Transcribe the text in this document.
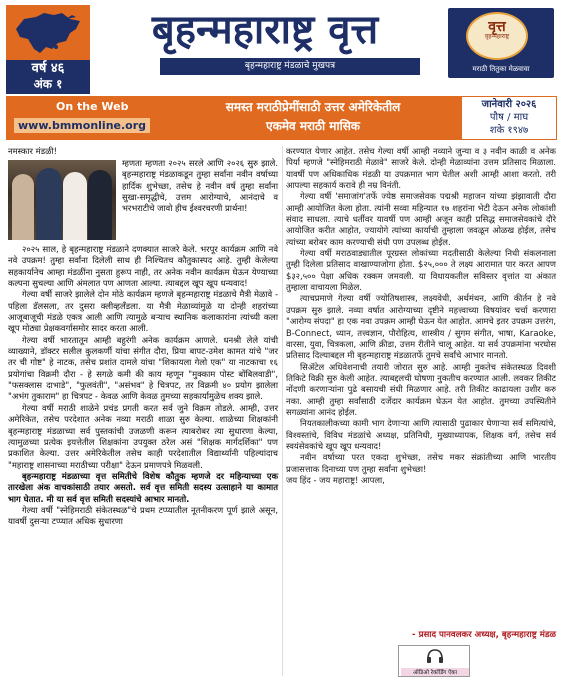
वर्ष ४६
अंक १
बृहन्महाराष्ट्र वृत्त
बृहन्महाराष्ट्र मंडळाचे मुखपत्र
वृत्त
वृहन्महाराष्ट्र
मराठी तितुका मेळवावा
On the Web
www.bmmonline.org
समस्त मराठीप्रेमींसाठी उत्तर अमेरिकेतील
एकमेव मराठी मासिक
जानेवारी २०२६
पौष / माघ
शके १९४७
नमस्कार मंडळी!
म्हणता म्हणता २०२५ सरले आणि २०२६ सुरु झाले. बृहन्महाराष्ट्र मंडळाकडून तुम्हा सर्वांना नवीन वर्षाच्या हार्दिक शुभेच्छा, तसेच हे नवीन वर्ष तुम्हा सर्वांना सुखा-समृद्धीचे, उत्तम आरोग्याचे, आनंदाचे व भरभराटीचे जावो हीच ईश्वरचरणी प्रार्थना!

२०२५ साल, हे बृहन्महाराष्ट्र मंडळाने दणक्यात साजरे केले. भरपूर कार्यक्रम आणि नवे नवे उपक्रम! तुम्हा सर्वांना दिलेली साथ ही निश्चितच कौतुकास्पद आहे. तुम्ही केलेल्या सहकार्यानेच आम्हा मंडळींना नुसता हुरूप नाही, तर अनेक नवीन कार्यक्रम घेऊन येण्याच्या कल्पना सुचल्या आणि अंमलात पण आणता आल्या. त्याबद्दल खूप खूप धन्यवाद!

गेल्या वर्षी साजरे झालेले दोन मोठे कार्यक्रम म्हणजे बृहन्महाराष्ट्र मंडळाचे मैत्री मेळावे - पहिला डॅलसला, तर दुसरा क्लीव्हलॅंडला. या मैत्री मेळाव्यांमुळे या दोन्ही शहरांच्या आजूबाजूची मंडळे एकत्र आली आणि त्यामुळे बऱ्याच स्थानिक कलाकारांना त्यांच्यी कला खूप मोठ्या प्रेक्षकवर्गासमोर सादर करता आली.

गेल्या वर्षी भारतातून आम्ही बहुरंगी अनेक कार्यक्रम आणले. धनश्री लेले यांची व्याख्याने, डॉक्टर सलील कुलकर्णी यांचा संगीत दौरा, प्रिया बापट-उमेश कामत यांचे "जर तर ची गोष्ट" हे नाटक, तसेच प्रशांत दामले यांचा "शिकायला गेलो एक" या नाटकाचा १६ प्रयोगांचा विक्रमी दौरा - हे सगळे कमी की काय म्हणून "मुक्काम पोस्ट बोंबिलवाडी", "फसक्लास दाभाडे", "फुलवंती", "असंभव" हे चित्रपट, तर विक्रमी ४० प्रयोग झालेला "अभंग तुकाराम" हा चित्रपट - केवळ आणि केवळ तुमच्या सहकार्यामुळेच शक्य झाले.

गेल्या वर्षी मराठी शाळेने प्रचंड प्रगती करत सर्व जुने विक्रम तोडले. आम्ही, उत्तर अमेरिकेत, तसेच परदेशात अनेक नव्या मराठी शाळा सुरु केल्या. शाळेच्या शिक्षकांनी बृहन्महाराष्ट्र मंडळाच्या सर्व पुस्तकांची उजळणी करून त्याबरोबर त्या सुधारणा केल्या, त्यामुळच्या प्रत्येक इयत्तेतील शिक्षकांना उपयुक्त ठरेल असं "शिक्षक मार्गदर्शिका" पण प्रकाशित केल्या. उत्तर अमेरिकेतील तसेच काही परदेशातील विद्यार्थ्यांनी पहिल्यांदाच "महाराष्ट्र शासनाच्या मराठीच्या परीक्षा" देऊन प्रमाणपत्रे मिळवली.

बृहन्महाराष्ट्र मंडळाच्या वृत्त समितीचे विशेष कौतुक म्हणजे दर महिन्याच्या एक तारखेला अंक वाचकांसाठी तयार असतो. सर्व वृत्त समिती सदस्य उत्साहाने या कामात भाग घेतात. मी या सर्व वृत्त समिती सदस्यांचे आभार मानतो.

गेल्या वर्षी "स्नेहिमराठी संकेतस्थळ"चे प्रथम टप्प्यातील नूतनीकरण पूर्ण झाले असून, यावर्षी दुसऱ्या टप्प्यात अधिक सुधारणा

करण्यात येणार आहेत. तसेच गेल्या वर्षी आम्ही नव्याने जुन्या व ३ नवीन काळी व अनेक पिर्या म्हणजे "स्नेहिमराठी मेळावे" साजरे केले. दोन्ही मेळाव्यांना उत्तम प्रतिसाद मिळाला. यावर्षी पण अधिकाधिक मंडळी या उपक्रमात भाग घेतील अशी आम्ही आशा करतो. तरी आपल्या सहकार्य करावे ही नम्र विनंती.

गेल्या वर्षी 'समाजांग'तर्फे ज्येष्ठ समाजसेवक पद्मश्री महाजन यांच्या झंझावाती दौरा आम्ही आयोजित केला होता. त्यांनी सव्वा महिन्यात १७ शहरांना भेटी देऊन अनेक लोकांशी संवाद साधला. त्याचे धर्तीवर यावर्षी पण आम्ही अजून काही प्रसिद्ध समाजसेवकांचे दौरे आयोजित करीत आहोत, ज्यायोगे त्यांच्या कार्याची तुम्हाला जवळून ओळख होईल, तसेच त्यांच्या बरोबर काम करण्याची संधी पण उपलब्ध होईल.

गेल्या वर्षी मराठवाड्यातील पूरग्रस्त लोकांच्या मदतीसाठी केलेल्या निधी संकलनाला तुम्ही दिलेला प्रतिसाद वाखाण्याजोगा होता. $२५,००० ते लक्ष्य आरामात पार करत आपण $३२,५०० पेक्षा अधिक रक्कम जमवली. या विधायकतील सविस्तर वृत्तांत या अंकात तुम्हाला वाचायला मिळेल.

त्याचप्रमाणे गेल्या वर्षी ज्योतिषशास्त्र, लक्ष्यवेधी, अर्थमंथन, आणि कीर्तन हे नवे उपक्रम सुरु झाले. नव्या वर्षात आरोग्याच्या दृष्टीने महत्त्वाच्या विषयांवर चर्चा करणारा "आरोग्य संपदा" हा एक नवा उपक्रम आम्ही घेऊन येत आहोत. आमचे इतर उपक्रम उत्तरंग, B-Connect, ध्यान, तत्त्वज्ञान, पौरोहित्य, शास्त्रीय / सुगम संगीत, भाषा, Karaoke, वारसा, युवा, चित्रकला, आणि क्रीडा, उत्तम रीतीने चालू आहेत. या सर्व उपक्रमांना भरघोस प्रतिसाद दिल्याबद्दल मी बृहन्महाराष्ट्र मंडळातर्फे तुमचे सर्वांचे आभार मानतो.

सिॲटेल अधिवेशनाची तयारी जोरात सुरु आहे. आम्ही नुकतेच संकेतस्थळ दिवशी तिकिटे विक्री सुरु केली आहेत. त्याबद्दलची घोषणा नुकतीच करण्यात आली. लवकर तिकीट नोंदणी करणाऱ्यांना पुढे बसायची संधी मिळणार आहे. तरी तिकीट काढायला उशीर करु नका. आम्ही तुम्हा सर्वांसाठी दर्जेदार कार्यक्रम घेऊन येत आहोत. तुमच्या उपस्थितीने सगळ्यांना आनंद होईल.

नियतकालीकच्या कामी भाग देणाऱ्या आणि त्यासाठी पुढाकार घेणाऱ्या सर्व समित्यांचे, विश्वस्तांचे, विविध मंडळांचे अध्यक्ष, प्रतिनिधी, मुख्याध्यापक, शिक्षक वर्ग, तसेच सर्व स्वयंसेवकांचे खूप खूप धन्यवाद!

नवीन वर्षाच्या परत एकदा शुभेच्छा, तसेच मकर संक्रांतीच्या आणि भारतीय प्रजासत्ताक दिनाच्या पण तुम्हा सर्वांना शुभेच्छा!

जय हिंद - जय महाराष्ट्र! आपला,

- प्रसाद पानवलकर अध्यक्ष, बृहन्महाराष्ट्र मंडळ
ऑडिओ रेकॉर्डिंग ऐका
